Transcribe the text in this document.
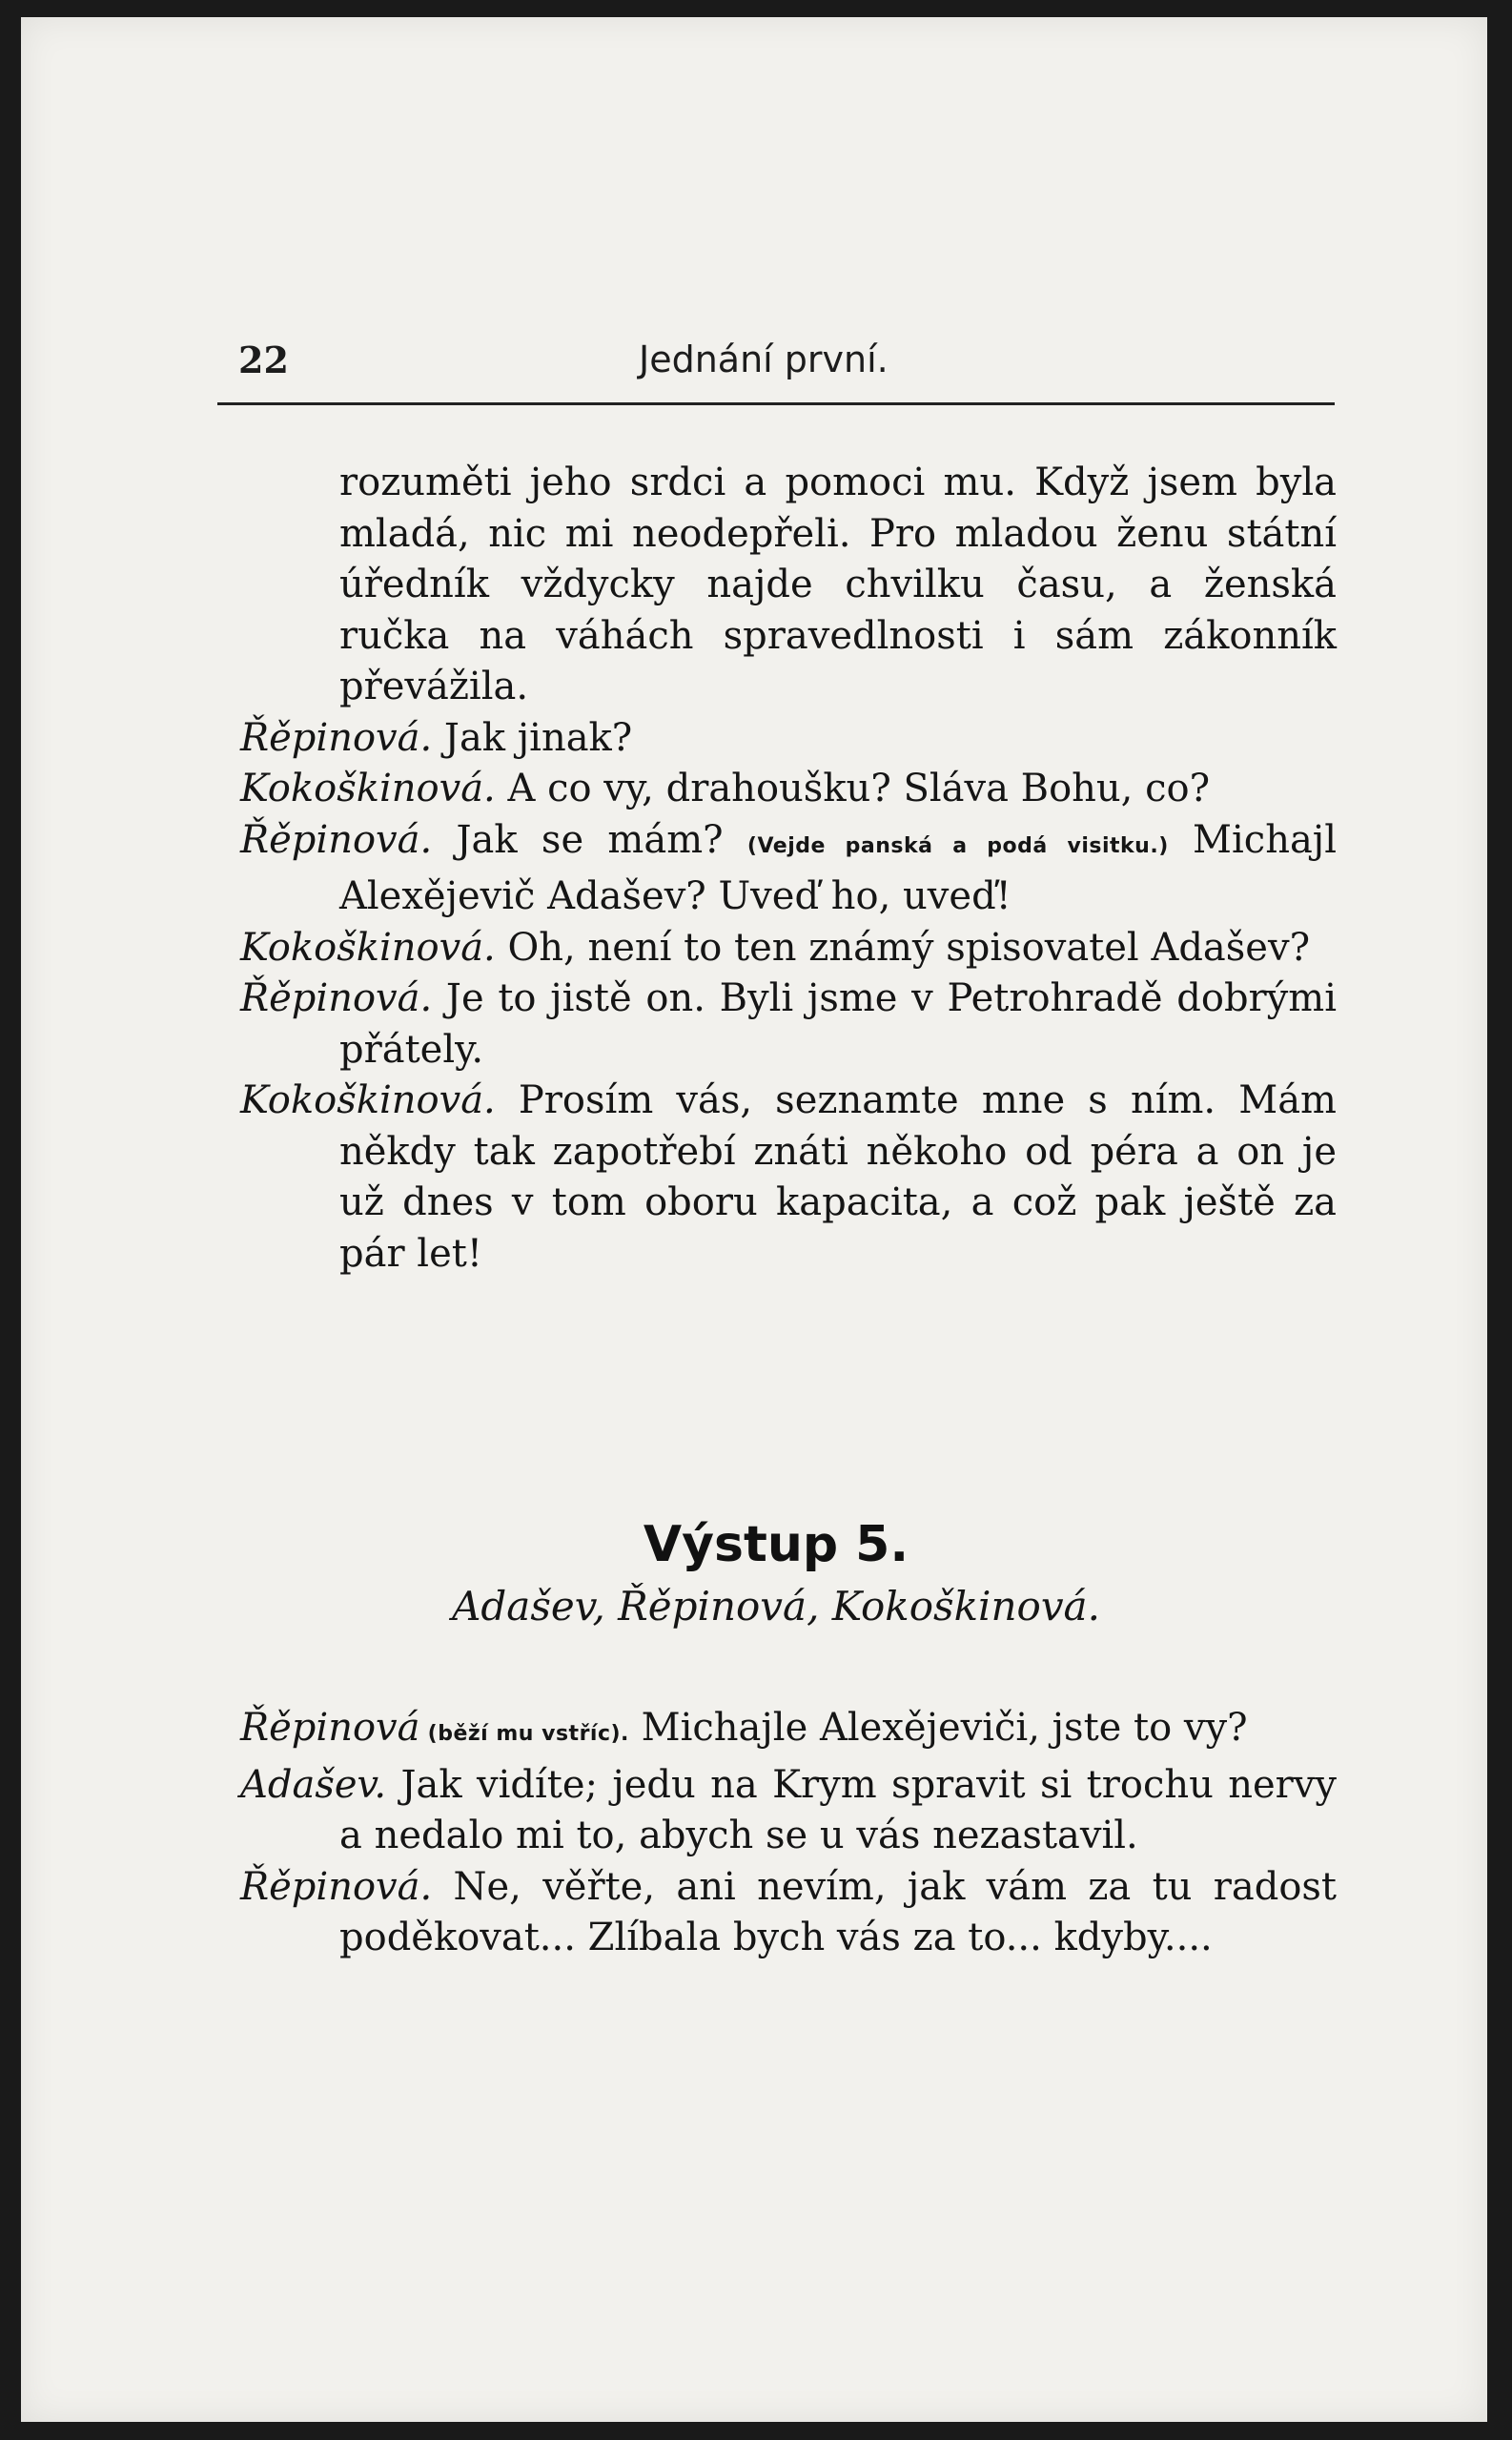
22	Jednání první.

rozuměti jeho srdci a pomoci mu. Když jsem byla mladá, nic mi neodepřeli. Pro mladou ženu státní úředník vždycky najde chvilku času, a ženská ručka na váhách spravedlnosti i sám zákonník převážila.

Řěpinová. Jak jinak?

Kokoškinová. A co vy, drahoušku? Sláva Bohu, co?

Řěpinová. Jak se mám? (Vejde panská a podá visitku.) Michajl Alexějevič Adašev? Uveď ho, uveď!

Kokoškinová. Oh, není to ten známý spisovatel Adašev?

Řěpinová. Je to jistě on. Byli jsme v Petrohradě dobrými přátely.

Kokoškinová. Prosím vás, seznamte mne s ním. Mám někdy tak zapotřebí znáti někoho od péra a on je už dnes v tom oboru kapacita, a což pak ještě za pár let!

Výstup 5.
Adašev, Řěpinová, Kokoškinová.

Řěpinová (běží mu vstříc). Michajle Alexějeviči, jste to vy?

Adašev. Jak vidíte; jedu na Krym spravit si trochu nervy a nedalo mi to, abych se u vás nezastavil.

Řěpinová. Ne, věřte, ani nevím, jak vám za tu radost poděkovat... Zlíbala bych vás za to... kdyby....
